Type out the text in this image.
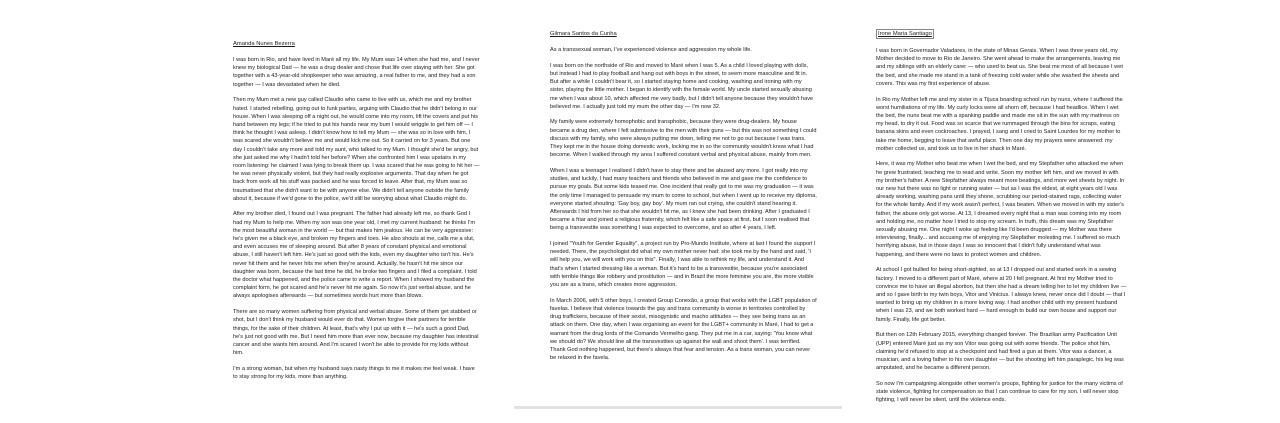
Amanda Nunes Bezerra

I was born in Rio, and have lived in Maré all my life. My Mum was 14 when she had me, and I never knew my biological Dad — he was a drug dealer and chose that life over staying with her. She got together with a 43-year-old shopkeeper who was amazing, a real father to me, and they had a son together — I was devastated when he died.

Then my Mum met a new guy called Claudio who came to live with us, which me and my brother hated. I started rebelling, going out to funk parties, arguing with Claudio that he didn't belong in our house. When I was sleeping off a night out, he would come into my room, lift the covers and put his hand between my legs; if he tried to put his hands near my bum I would wriggle to get him off — I think he thought I was asleep. I didn't know how to tell my Mum — she was so in love with him, I was scared she wouldn't believe me and would kick me out. So it carried on for 3 years. But one day I couldn't take any more and told my aunt, who talked to my Mum. I thought she'd be angry, but she just asked me why I hadn't told her before? When she confronted him I was upstairs in my room listening: he claimed I was lying to break them up. I was scared that he was going to hit her — he was never physically violent, but they had really explosive arguments. That day when he got back from work all his stuff was packed and he was forced to leave. After that, my Mum was so traumatised that she didn't want to be with anyone else. We didn't tell anyone outside the family about it, because if we'd gone to the police, we'd still be worrying about what Claudio might do.

After my brother died, I found out I was pregnant. The father had already left me, so thank God I had my Mum to help me. When my son was one year old, I met my current husband: he thinks I'm the most beautiful woman in the world — but that makes him jealous. He can be very aggressive: he's given me a black eye, and broken my fingers and toes. He also shouts at me, calls me a slut, and even accuses me of sleeping around. But after 8 years of constant physical and emotional abuse, I still haven't left him. He's just so good with the kids, even my daughter who isn't his. He's never hit them and he never hits me when they're around. Actually, he hasn't hit me since our daughter was born, because the last time he did, he broke two fingers and I filed a complaint. I told the doctor what happened, and the police came to write a report. When I showed my husband the complaint form, he got scared and he's never hit me again. So now it's just verbal abuse, and he always apologises afterwards — but sometimes words hurt more than blows.

There are so many women suffering from physical and verbal abuse. Some of them get stabbed or shot, but I don't think my husband would ever do that. Women forgive their partners for terrible things, for the sake of their children. At least, that's why I put up with it — he's such a good Dad, he's just not good with me. But I need him more than ever now, because my daughter has intestinal cancer and she wants him around. And I'm scared I won't be able to provide for my kids without him.

I'm a strong woman, but when my husband says nasty things to me it makes me feel weak. I have to stay strong for my kids, more than anything.

Gilmara Santos da Cunha

As a transsexual woman, I've experienced violence and aggression my whole life.

I was born on the northside of Rio and moved to Maré when I was 5. As a child I loved playing with dolls, but instead I had to play football and hang out with boys in the street, to seem more masculine and fit in. But after a while I couldn't bear it, so I started staying home and cooking, washing and ironing with my sister, playing the little mother. I began to identify with the female world. My uncle started sexually abusing me when I was about 10, which affected me very badly, but I didn't tell anyone because they wouldn't have believed me. I actually just told my mum the other day — I'm now 32.

My family were extremely homophobic and transphobic, because they were drug-dealers. My house became a drug den, where I felt submissive to the men with their guns — but this was not something I could discuss with my family, who were always putting me down, telling me not to go out because I was trans. They kept me in the house doing domestic work, locking me in so the community wouldn't know what I had become. When I walked through my area I suffered constant verbal and physical abuse, mainly from men.

When I was a teenager I realised I didn't have to stay there and be abused any more. I got really into my studies, and luckily, I had many teachers and friends who believed in me and gave me the confidence to pursue my goals. But some kids teased me. One incident that really got to me was my graduation — it was the only time I managed to persuade my mum to come to school, but when I went up to receive my diploma, everyone started shouting: 'Gay boy, gay boy'. My mum ran out crying, she couldn't stand hearing it. Afterwards I hid from her so that she wouldn't hit me, as I knew she had been drinking. After I graduated I became a friar and joined a religious fraternity, which felt like a safe space at first, but I soon realised that being a transvestite was something I was expected to overcome, and so after 4 years, I left.

I joined "Youth for Gender Equality", a project run by Pro-Mundo Institute, where at last I found the support I needed. There, the psychologist did what my own mother never had: she took me by the hand and said, 'I will help you, we will work with you on this". Finally, I was able to rethink my life, and understand it. And that's when I started dressing like a woman. But it's hard to be a transvestite, because you're associated with terrible things like robbery and prostitution — and in Brazil the more feminine you are, the more visible you are as a trans, which creates more aggression.

In March 2006, with 5 other boys, I created Group Conexão, a group that works with the LGBT population of favelas. I believe that violence towards the gay and trans community is worse in territories controlled by drug traffickers, because of their sexist, misogynistic and macho attitudes — they see being trans as an attack on them. One day, when I was organising an event for the LGBT+ community in Maré, I had to get a warrant from the drug lords of the Comando Vermelho gang. They put me in a car, saying: 'You know what we should do? We should line all the transvestites up against the wall and shoot them'. I was terrified. Thank God nothing happened, but there's always that fear and tension. As a trans woman, you can never be relaxed in the favela.

Irone Maria Santiago

I was born in Governador Valadares, in the state of Minas Gerais. When I was three years old, my Mother decided to move to Rio de Janeiro. She went ahead to make the arrangements, leaving me and my siblings with an elderly carer — who used to beat us. She beat me most of all because I wet the bed, and she made me stand in a tank of freezing cold water while she washed the sheets and covers. This was my first experience of abuse.

In Rio my Mother left me and my sister in a Tijuca boarding school run by nuns, where I suffered the worst humiliations of my life. My curly locks were all shorn off, because I had headlice. When I wet the bed, the nuns beat me with a spanking paddle and made me sit in the sun with my mattress on my head, to dry it out. Food was so scarce that we rummaged through the bins for scraps, eating banana skins and even cockroaches. I prayed, I sang and I cried to Saint Lourdes for my mother to take me home, begging to leave that awful place. Then one day my prayers were answered: my mother collected us, and took us to live in her shack in Maré.

Here, it was my Mother who beat me when I wet the bed, and my Stepfather who attacked me when he grew frustrated, teaching me to read and write. Soon my mother left him, and we moved in with my brother's father. A new Stepfather always meant more beatings, and more wet sheets by night. In our new hut there was no light or running water — but as I was the eldest, at eight years old I was already working, washing pans until they shone, scrubbing our period-stained rags, collecting water for the whole family. And if my work wasn't perfect, I was beaten. When we moved in with my sister's father, the abuse only got worse. At 13, I dreamed every night that a man was coming into my room and holding me, no matter how I tried to stop my scream. In truth, this dream was my Stepfather sexually abusing me. One night I woke up feeling like I'd been drugged — my Mother was there interviewing, finally... and accusing me of enjoying my Stepfather molesting me. I suffered so much horrifying abuse, but in those days I was so innocent that I didn't fully understand what was happening, and there were no laws to protect women and children.

At school I got bullied for being short-sighted, so at 13 I dropped out and started work in a sewing factory. I moved to a different part of Maré, where at 20 I fell pregnant. At first my Mother tried to convince me to have an illegal abortion, but then she had a dream telling her to let my children live — and so I gave birth to my twin boys, Vitor and Vinicius. I always knew, never once did I doubt — that I wanted to bring up my children in a more loving way. I had another child with my present husband when I was 23, and we both worked hard — hard enough to build our own house and support our family. Finally, life got better.

But then on 12th February 2015, everything changed forever. The Brazilian army Pacification Unit (UPP) entered Maré just as my son Vitor was going out with some friends. The police shot him, claiming he'd refused to stop at a checkpoint and had fired a gun at them. Vitor was a dancer, a musician, and a loving father to his own daughter — but the shooting left him paraplegic, his leg was amputated, and he became a different person.

So now I'm campaigning alongside other women's groups, fighting for justice for the many victims of state violence, fighting for compensation so that I can continue to care for my son. I will never stop fighting, I will never be silent, until the violence ends.
